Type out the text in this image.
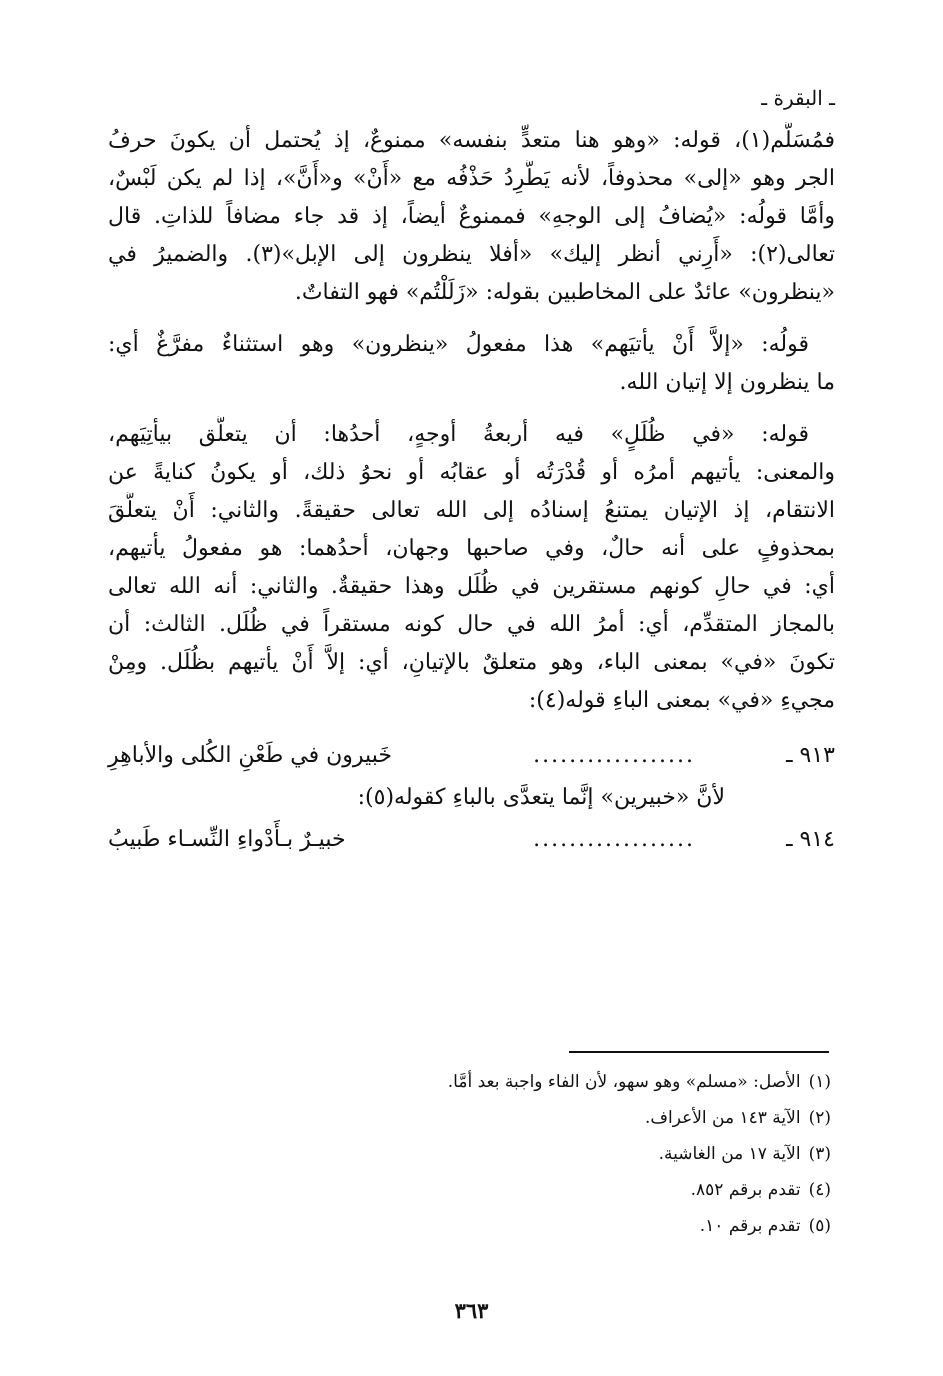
ـ البقرة ـ
فمُسَلَّم(١)، قوله: «وهو هنا متعدٍّ بنفسه» ممنوعٌ، إذ يُحتمل أن يكونَ حرفُ
الجر وهو «إلى» محذوفاً، لأنه يَطَّرِدُ حَذْفُه مع «أَنْ» و«أَنَّ»، إذا لم يكن لَبْسٌ،
وأمَّا قولُه: «يُضافُ إلى الوجهِ» فممنوعٌ أيضاً، إذ قد جاء مضافاً للذاتِ. قال
تعالى(٢): «أَرِني أنظر إليك» «أفلا ينظرون إلى الإبل»(٣). والضميرُ في
«ينظرون» عائدٌ على المخاطبين بقوله: «زَلَلْتُم» فهو التفاتٌ.
قولُه: «إلاَّ أَنْ يأتيَهم» هذا مفعولُ «ينظرون» وهو استثناءٌ مفرَّغٌ أي:
ما ينظرون إلا إتيان الله.
قوله: «في ظُلَلٍ» فيه أربعةُ أوجهٍ، أحدُها: أن يتعلَّق بيأتِيَهم،
والمعنى: يأتيهم أمرُه أو قُدْرَتُه أو عقابُه أو نحوُ ذلك، أو يكونُ كنايةً عن
الانتقام، إذ الإتيان يمتنعُ إسنادُه إلى الله تعالى حقيقةً. والثاني: أَنْ يتعلَّقَ
بمحذوفٍ على أنه حالٌ، وفي صاحبها وجهان، أحدُهما: هو مفعولُ يأتيهم،
أي: في حالِ كونهم مستقرين في ظُلَل وهذا حقيقةٌ. والثاني: أنه الله تعالى
بالمجاز المتقدِّم، أي: أمرُ الله في حال كونه مستقراً في ظُلَل. الثالث: أن
تكونَ «في» بمعنى الباء، وهو متعلقٌ بالإتيانِ، أي: إلاَّ أَنْ يأتيهم بظُلَل. ومِنْ
مجيءِ «في» بمعنى الباءِ قوله(٤):
٩١٣ ـ
..................
خَبيرون في طَعْنِ الكُلى والأباهِرِ
لأنَّ «خبيرين» إنَّما يتعدَّى بالباءِ كقوله(٥):
٩١٤ ـ
..................
خبيـرٌ بـأَدْواءِ النِّسـاء طَبيبُ
(١)الأصل: «مسلم» وهو سهو، لأن الفاء واجبة بعد أمَّا.
(٢)الآية ١٤٣ من الأعراف.
(٣)الآية ١٧ من الغاشية.
(٤)تقدم برقم ٨٥٢.
(٥)تقدم برقم ١٠.
٣٦٣
